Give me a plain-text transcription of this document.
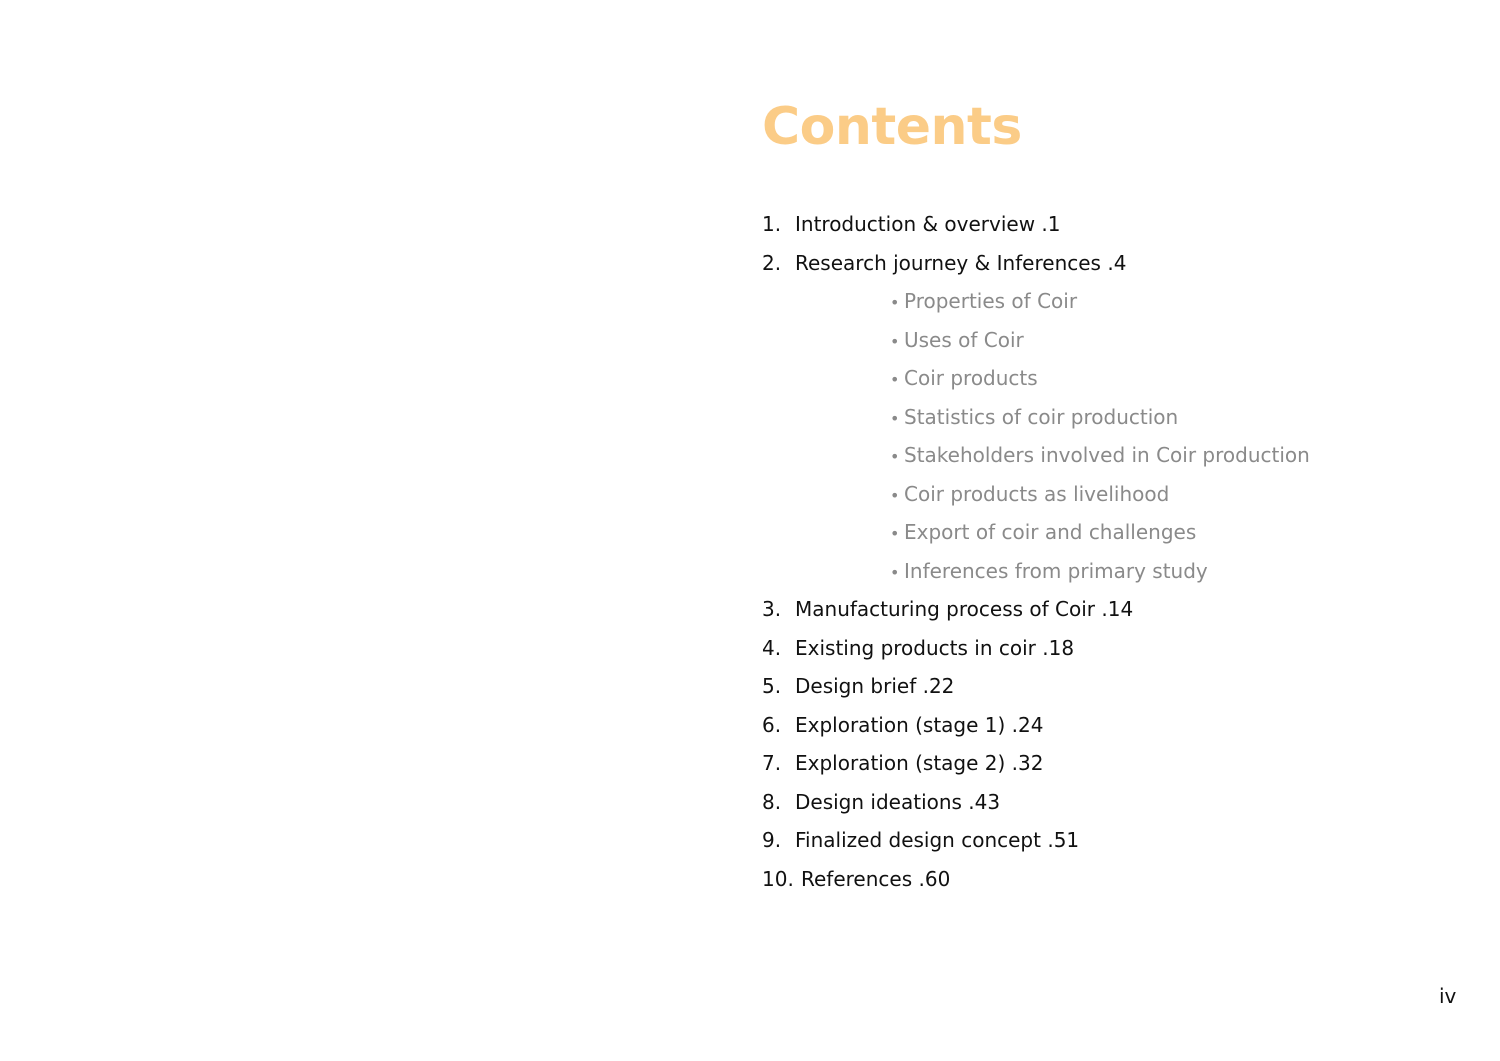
Contents
1. Introduction & overview .1
2. Research journey & Inferences .4
• Properties of Coir
• Uses of Coir
• Coir products
• Statistics of coir production
• Stakeholders involved in Coir production
• Coir products as livelihood
• Export of coir and challenges
• Inferences from primary study
3. Manufacturing process of Coir .14
4. Existing products in coir .18
5. Design brief .22
6. Exploration (stage 1) .24
7. Exploration (stage 2) .32
8. Design ideations .43
9. Finalized design concept .51
10. References .60
iv
